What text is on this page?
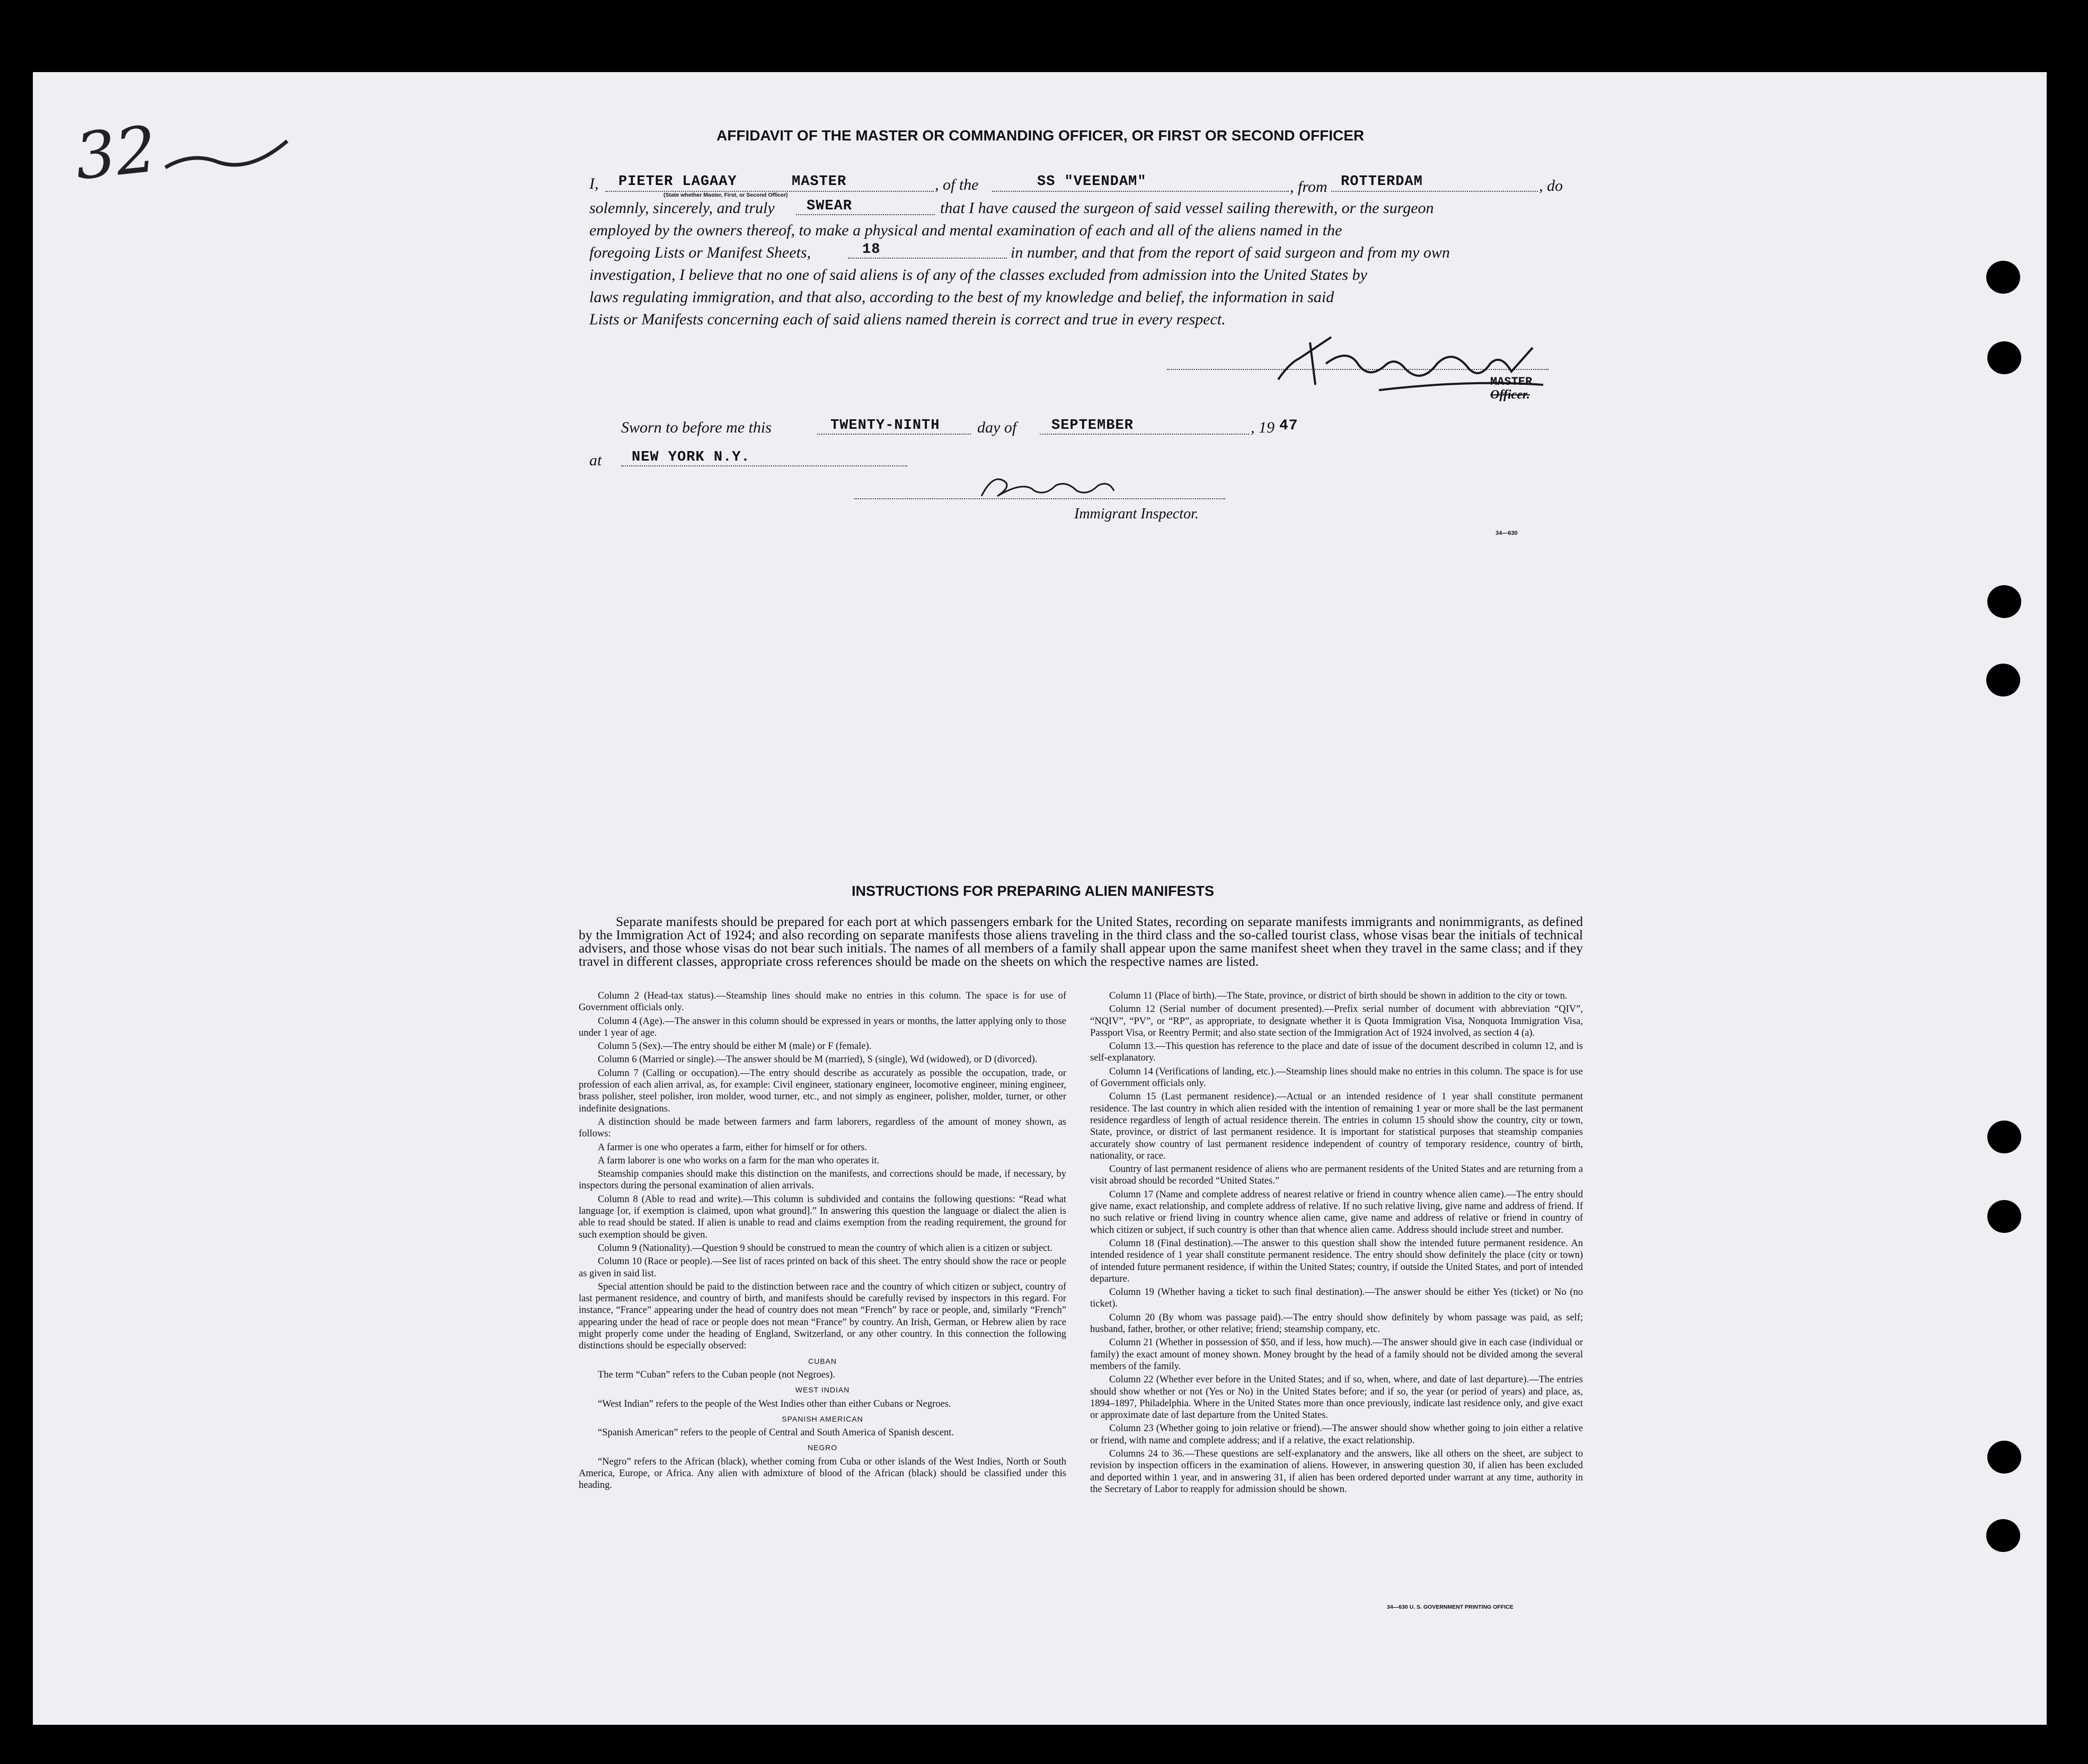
32	AFFIDAVIT OF THE MASTER OR COMMANDING OFFICER, OR FIRST OR SECOND OFFICER
I, PIETER LAGAAY	MASTER
(State whether Master, First, or Second Officer)
, of the	SS "VEENDAM"	, from ROTTERDAM	, do
solemnly, sincerely, and truly SWEAR	that I have caused the surgeon of said vessel sailing therewith, or the surgeon
employed by the owners thereof, to make a physical and mental examination of each and all of the aliens named in the
foregoing Lists or Manifest Sheets,	18	in number, and that from the report of said surgeon and from my own
investigation, I believe that no one of said aliens is of any of the classes excluded from admission into the United States by
laws regulating immigration, and that also, according to the best of my knowledge and belief, the information in said
Lists or Manifests concerning each of said aliens named therein is correct and true in every respect.
MASTER
Officer.
Sworn to before me this	TWENTY-NINTH day of SEPTEMBER	, 19 47
at NEW YORK N.Y.
Immigrant Inspector.
34—630
INSTRUCTIONS FOR PREPARING ALIEN MANIFESTS

Separate manifests should be prepared for each port at which passengers embark for the United States, recording on separate manifests immigrants and nonimmigrants, as defined by the Immigration Act of 1924; and also recording on separate manifests those aliens traveling in the third class and the so-called tourist class, whose visas bear the initials of technical advisers, and those whose visas do not bear such initials. The names of all members of a family shall appear upon the same manifest sheet when they travel in the same class; and if they travel in different classes, appropriate cross references should be made on the sheets on which the respective names are listed.

Column 2 (Head-tax status).—Steamship lines should make no entries in this column. The space is for use of Government officials only.

Column 4 (Age).—The answer in this column should be expressed in years or months, the latter applying only to those under 1 year of age.

Column 5 (Sex).—The entry should be either M (male) or F (female).

Column 6 (Married or single).—The answer should be M (married), S (single), Wd (widowed), or D (divorced).

Column 7 (Calling or occupation).—The entry should describe as accurately as possible the occupation, trade, or profession of each alien arrival, as, for example: Civil engineer, stationary engineer, locomotive engineer, mining engineer, brass polisher, steel polisher, iron molder, wood turner, etc., and not simply as engineer, polisher, molder, turner, or other indefinite designations.

A distinction should be made between farmers and farm laborers, regardless of the amount of money shown, as follows:

A farmer is one who operates a farm, either for himself or for others.

A farm laborer is one who works on a farm for the man who operates it.

Steamship companies should make this distinction on the manifests, and corrections should be made, if necessary, by inspectors during the personal examination of alien arrivals.

Column 8 (Able to read and write).—This column is subdivided and contains the following questions: “Read what language [or, if exemption is claimed, upon what ground].” In answering this question the language or dialect the alien is able to read should be stated. If alien is unable to read and claims exemption from the reading requirement, the ground for such exemption should be given.

Column 9 (Nationality).—Question 9 should be construed to mean the country of which alien is a citizen or subject.

Column 10 (Race or people).—See list of races printed on back of this sheet. The entry should show the race or people as given in said list.

Special attention should be paid to the distinction between race and the country of which citizen or subject, country of last permanent residence, and country of birth, and manifests should be carefully revised by inspectors in this regard. For instance, “France” appearing under the head of country does not mean “French” by race or people, and, similarly “French” appearing under the head of race or people does not mean “France” by country. An Irish, German, or Hebrew alien by race might properly come under the heading of England, Switzerland, or any other country. In this connection the following distinctions should be especially observed:

CUBAN

The term “Cuban” refers to the Cuban people (not Negroes).

WEST INDIAN

“West Indian” refers to the people of the West Indies other than either Cubans or Negroes.

SPANISH AMERICAN

“Spanish American” refers to the people of Central and South America of Spanish descent.

NEGRO

“Negro” refers to the African (black), whether coming from Cuba or other islands of the West Indies, North or South America, Europe, or Africa. Any alien with admixture of blood of the African (black) should be classified under this heading.

Column 11 (Place of birth).—The State, province, or district of birth should be shown in addition to the city or town.

Column 12 (Serial number of document presented).—Prefix serial number of document with abbreviation “QIV”, “NQIV”, “PV”, or “RP”, as appropriate, to designate whether it is Quota Immigration Visa, Nonquota Immigration Visa, Passport Visa, or Reentry Permit; and also state section of the Immigration Act of 1924 involved, as section 4 (a).

Column 13.—This question has reference to the place and date of issue of the document described in column 12, and is self-explanatory.

Column 14 (Verifications of landing, etc.).—Steamship lines should make no entries in this column. The space is for use of Government officials only.

Column 15 (Last permanent residence).—Actual or an intended residence of 1 year shall constitute permanent residence. The last country in which alien resided with the intention of remaining 1 year or more shall be the last permanent residence regardless of length of actual residence therein. The entries in column 15 should show the country, city or town, State, province, or district of last permanent residence. It is important for statistical purposes that steamship companies accurately show country of last permanent residence independent of country of temporary residence, country of birth, nationality, or race.

Country of last permanent residence of aliens who are permanent residents of the United States and are returning from a visit abroad should be recorded “United States.”

Column 17 (Name and complete address of nearest relative or friend in country whence alien came).—The entry should give name, exact relationship, and complete address of relative. If no such relative living, give name and address of friend. If no such relative or friend living in country whence alien came, give name and address of relative or friend in country of which citizen or subject, if such country is other than that whence alien came. Address should include street and number.

Column 18 (Final destination).—The answer to this question shall show the intended future permanent residence. An intended residence of 1 year shall constitute permanent residence. The entry should show definitely the place (city or town) of intended future permanent residence, if within the United States; country, if outside the United States, and port of intended departure.

Column 19 (Whether having a ticket to such final destination).—The answer should be either Yes (ticket) or No (no ticket).

Column 20 (By whom was passage paid).—The entry should show definitely by whom passage was paid, as self; husband, father, brother, or other relative; friend; steamship company, etc.

Column 21 (Whether in possession of $50, and if less, how much).—The answer should give in each case (individual or family) the exact amount of money shown. Money brought by the head of a family should not be divided among the several members of the family.

Column 22 (Whether ever before in the United States; and if so, when, where, and date of last departure).—The entries should show whether or not (Yes or No) in the United States before; and if so, the year (or period of years) and place, as, 1894–1897, Philadelphia. Where in the United States more than once previously, indicate last residence only, and give exact or approximate date of last departure from the United States.

Column 23 (Whether going to join relative or friend).—The answer should show whether going to join either a relative or friend, with name and complete address; and if a relative, the exact relationship.

Columns 24 to 36.—These questions are self-explanatory and the answers, like all others on the sheet, are subject to revision by inspection officers in the examination of aliens. However, in answering question 30, if alien has been excluded and deported within 1 year, and in answering 31, if alien has been ordered deported under warrant at any time, authority in the Secretary of Labor to reapply for admission should be shown.

34—630 U. S. GOVERNMENT PRINTING OFFICE
